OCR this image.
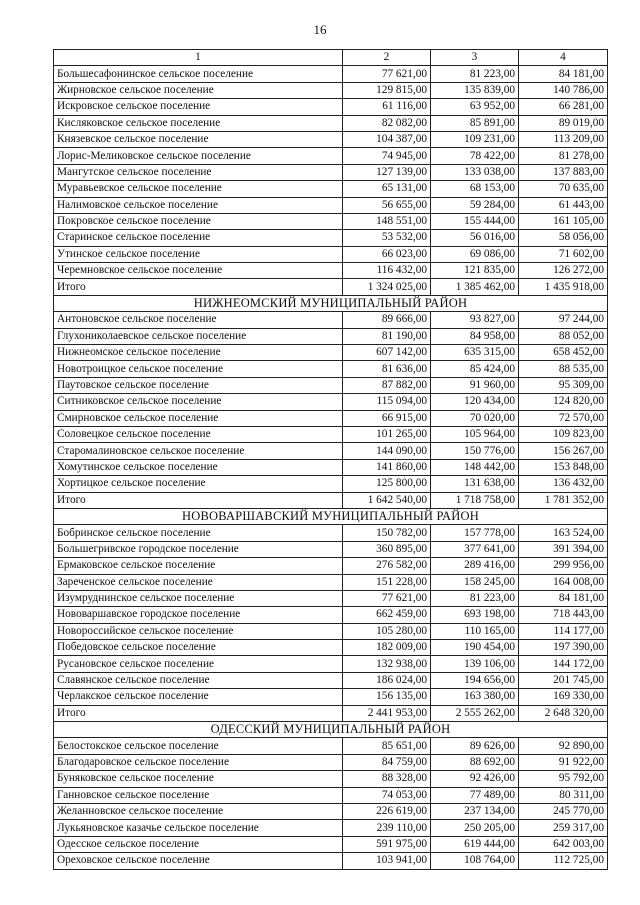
16
1	2	3	4
Большесафонинское сельское поселение	77 621,00	81 223,00	84 181,00
Жирновское сельское поселение	129 815,00	135 839,00	140 786,00
Искровское сельское поселение	61 116,00	63 952,00	66 281,00
Кисляковское сельское поселение	82 082,00	85 891,00	89 019,00
Князевское сельское поселение	104 387,00	109 231,00	113 209,00
Лорис-Меликовское сельское поселение	74 945,00	78 422,00	81 278,00
Мангутское сельское поселение	127 139,00	133 038,00	137 883,00
Муравьевское сельское поселение	65 131,00	68 153,00	70 635,00
Налимовское сельское поселение	56 655,00	59 284,00	61 443,00
Покровское сельское поселение	148 551,00	155 444,00	161 105,00
Старинское сельское поселение	53 532,00	56 016,00	58 056,00
Утинское сельское поселение	66 023,00	69 086,00	71 602,00
Черемновское сельское поселение	116 432,00	121 835,00	126 272,00
Итого	1 324 025,00	1 385 462,00	1 435 918,00
НИЖНЕОМСКИЙ МУНИЦИПАЛЬНЫЙ РАЙОН			
Антоновское сельское поселение	89 666,00	93 827,00	97 244,00
Глухониколаевское сельское поселение	81 190,00	84 958,00	88 052,00
Нижнеомское сельское поселение	607 142,00	635 315,00	658 452,00
Новотроицкое сельское поселение	81 636,00	85 424,00	88 535,00
Паутовское сельское поселение	87 882,00	91 960,00	95 309,00
Ситниковское сельское поселение	115 094,00	120 434,00	124 820,00
Смирновское сельское поселение	66 915,00	70 020,00	72 570,00
Соловецкое сельское поселение	101 265,00	105 964,00	109 823,00
Старомалиновское сельское поселение	144 090,00	150 776,00	156 267,00
Хомутинское сельское поселение	141 860,00	148 442,00	153 848,00
Хортицкое сельское поселение	125 800,00	131 638,00	136 432,00
Итого	1 642 540,00	1 718 758,00	1 781 352,00
НОВОВАРШАВСКИЙ МУНИЦИПАЛЬНЫЙ РАЙОН			
Бобринское сельское поселение	150 782,00	157 778,00	163 524,00
Большегривское городское поселение	360 895,00	377 641,00	391 394,00
Ермаковское сельское поселение	276 582,00	289 416,00	299 956,00
Зареченское сельское поселение	151 228,00	158 245,00	164 008,00
Изумруднинское сельское поселение	77 621,00	81 223,00	84 181,00
Нововаршавское городское поселение	662 459,00	693 198,00	718 443,00
Новороссийское сельское поселение	105 280,00	110 165,00	114 177,00
Победовское сельское поселение	182 009,00	190 454,00	197 390,00
Русановское сельское поселение	132 938,00	139 106,00	144 172,00
Славянское сельское поселение	186 024,00	194 656,00	201 745,00
Черлакское сельское поселение	156 135,00	163 380,00	169 330,00
Итого	2 441 953,00	2 555 262,00	2 648 320,00
ОДЕССКИЙ МУНИЦИПАЛЬНЫЙ РАЙОН			
Белостокское сельское поселение	85 651,00	89 626,00	92 890,00
Благодаровское сельское поселение	84 759,00	88 692,00	91 922,00
Буняковское сельское поселение	88 328,00	92 426,00	95 792,00
Ганновское сельское поселение	74 053,00	77 489,00	80 311,00
Желанновское сельское поселение	226 619,00	237 134,00	245 770,00
Лукьяновское казачье сельское поселение	239 110,00	250 205,00	259 317,00
Одесское сельское поселение	591 975,00	619 444,00	642 003,00
Ореховское сельское поселение	103 941,00	108 764,00	112 725,00
